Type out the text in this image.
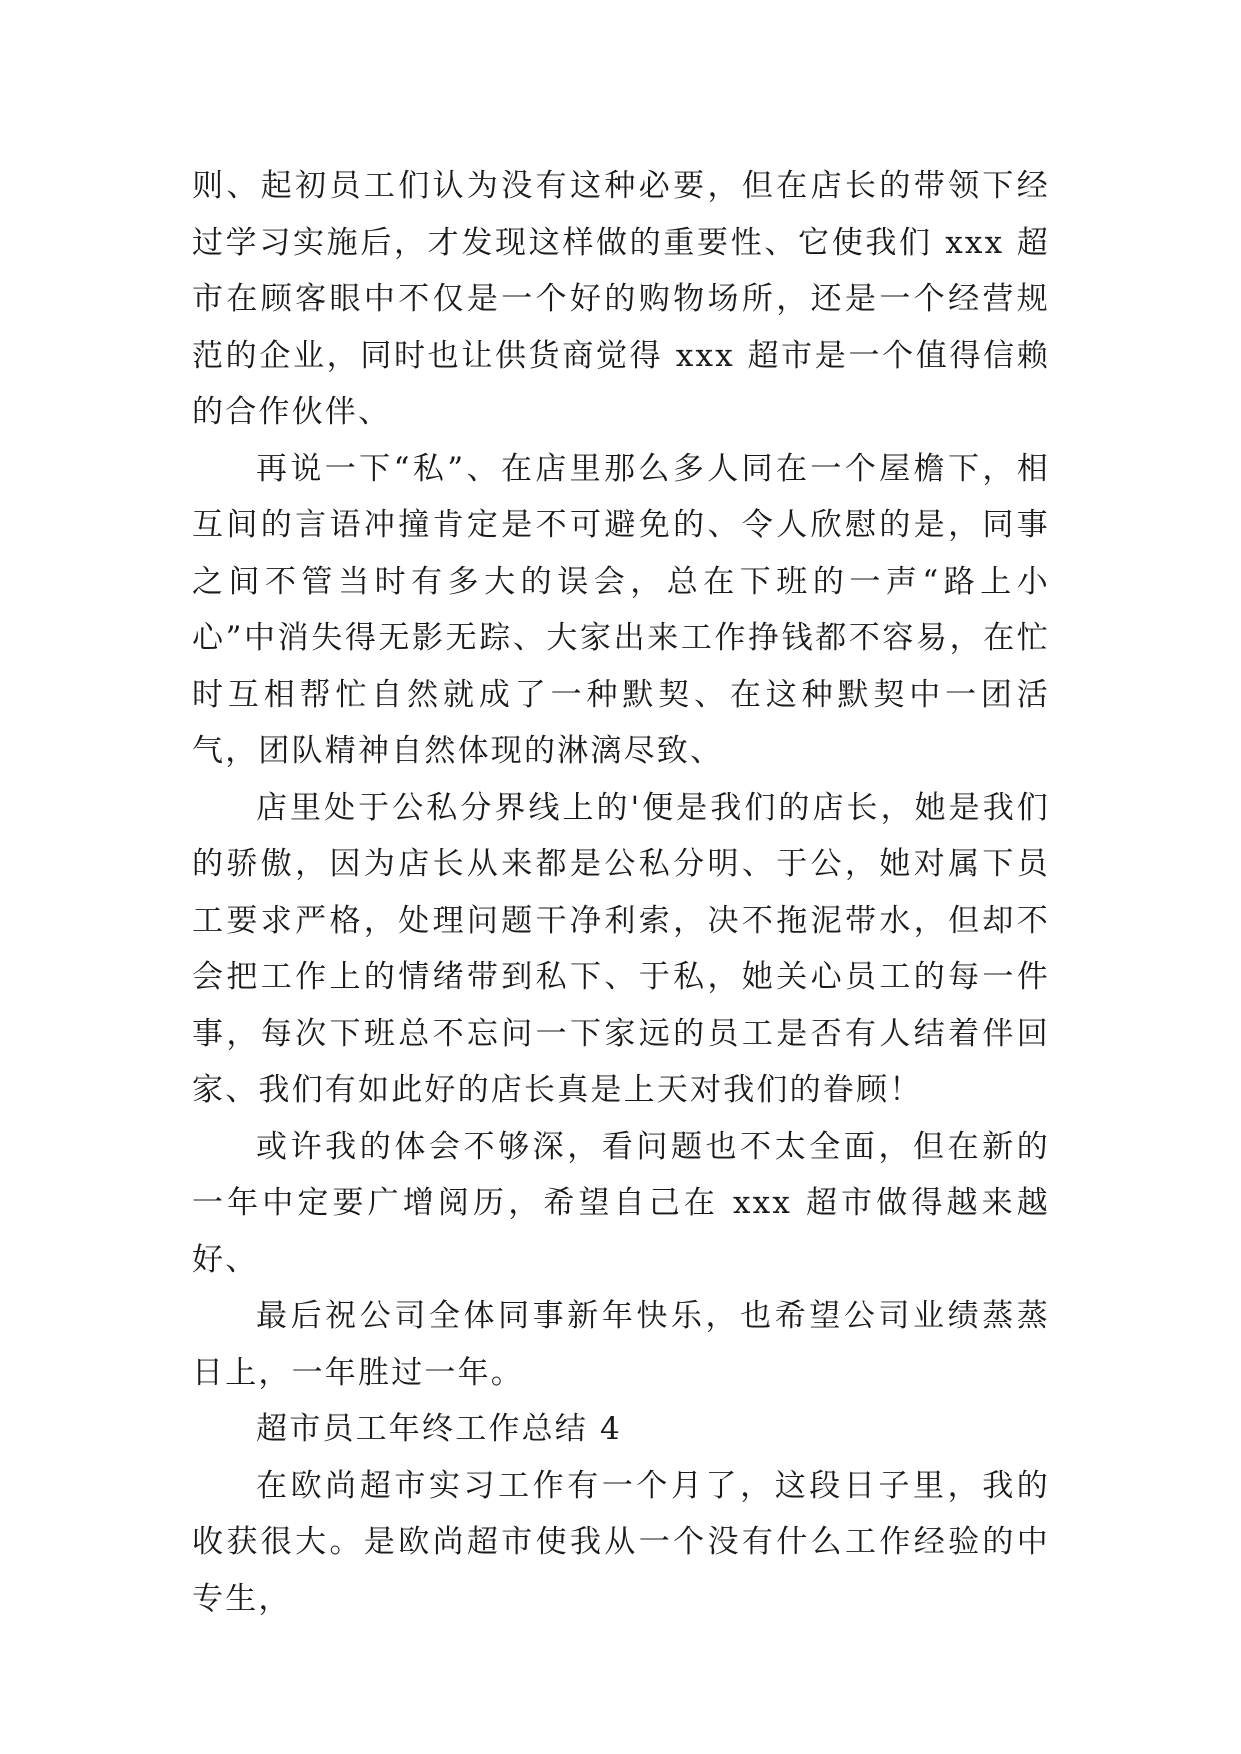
则、起初员工们认为没有这种必要，但在店长的带领下经过学习实施后，才发现这样做的重要性、它使我们 xxx 超市在顾客眼中不仅是一个好的购物场所，还是一个经营规范的企业，同时也让供货商觉得 xxx 超市是一个值得信赖的合作伙伴、

再说一下“私”、在店里那么多人同在一个屋檐下，相互间的言语冲撞肯定是不可避免的、令人欣慰的是，同事之间不管当时有多大的误会，总在下班的一声“路上小心”中消失得无影无踪、大家出来工作挣钱都不容易，在忙时互相帮忙自然就成了一种默契、在这种默契中一团活气，团队精神自然体现的淋漓尽致、

店里处于公私分界线上的'便是我们的店长，她是我们的骄傲，因为店长从来都是公私分明、于公，她对属下员工要求严格，处理问题干净利索，决不拖泥带水，但却不会把工作上的情绪带到私下、于私，她关心员工的每一件事，每次下班总不忘问一下家远的员工是否有人结着伴回家、我们有如此好的店长真是上天对我们的眷顾！

或许我的体会不够深，看问题也不太全面，但在新的一年中定要广增阅历，希望自己在 xxx 超市做得越来越好、

最后祝公司全体同事新年快乐，也希望公司业绩蒸蒸日上，一年胜过一年。

超市员工年终工作总结 4

在欧尚超市实习工作有一个月了，这段日子里，我的收获很大。是欧尚超市使我从一个没有什么工作经验的中专生，
